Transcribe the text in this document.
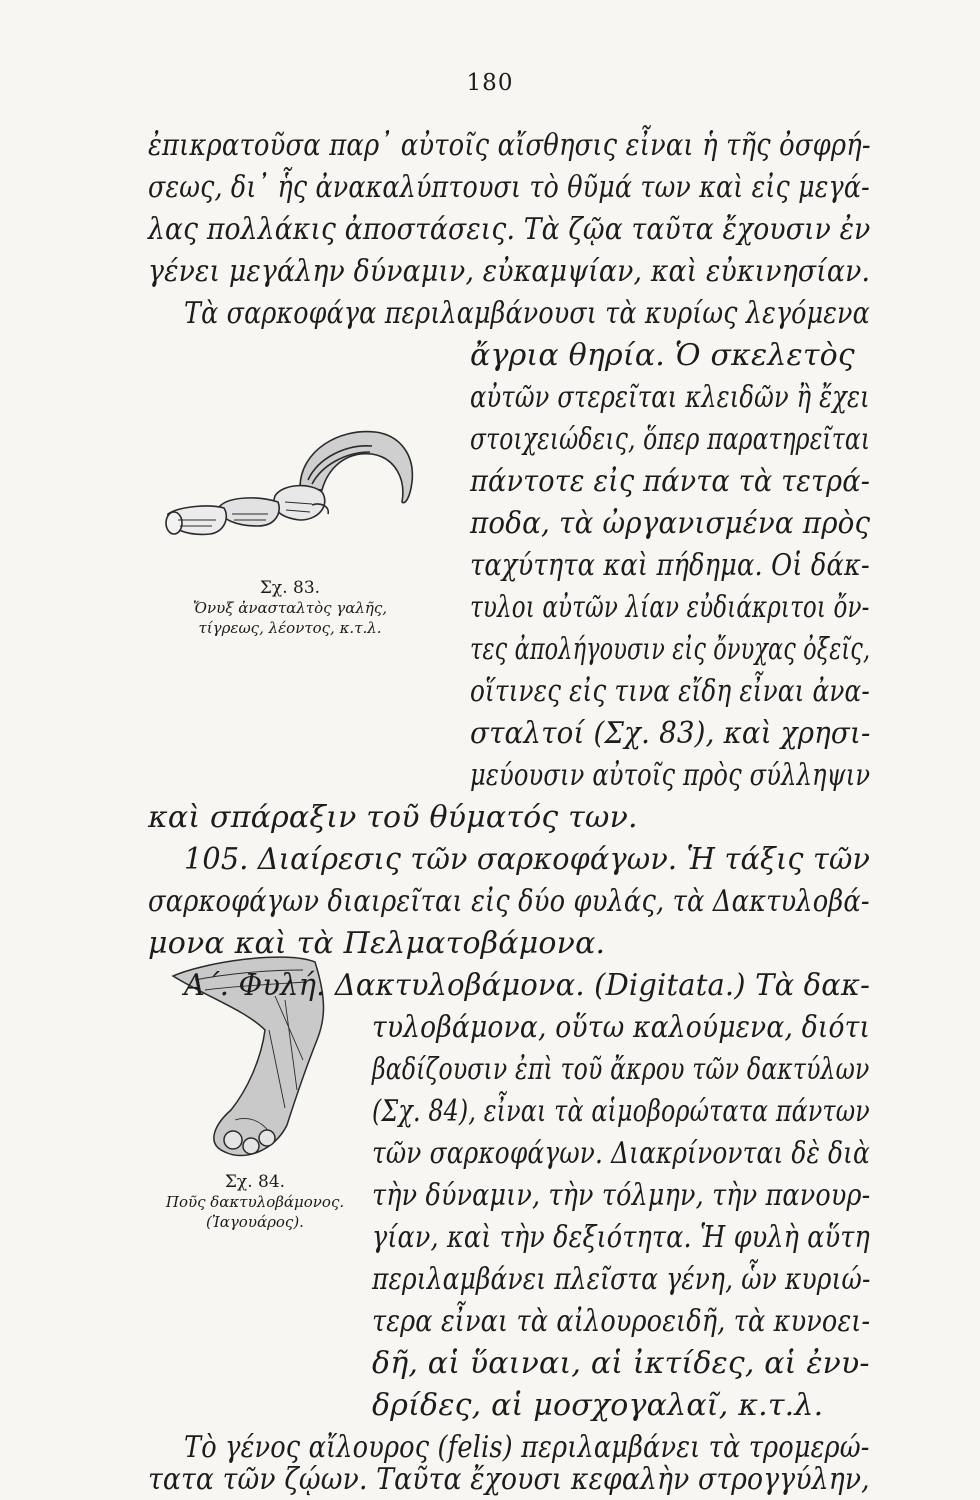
180
Σχ. 83.
Ὄνυξ ἀνασταλτὸς γαλῆς,
τίγρεως, λέοντος, κ.τ.λ.
Σχ. 84.
Ποῦς δακτυλοβάμονος.
(Ἰαγουάρος).
ἐπικρατοῦσα παρ᾽ αὐτοῖς αἴσθησις εἶναι ἡ τῆς ὀσφρή-
σεως, δι᾽ ἧς ἀνακαλύπτουσι τὸ θῦμά των καὶ εἰς μεγά-
λας πολλάκις ἀποστάσεις. Τὰ ζῷα ταῦτα ἔχουσιν ἐν
γένει μεγάλην δύναμιν, εὐκαμψίαν, καὶ εὐκινησίαν.
Τὰ σαρκοφάγα περιλαμβάνουσι τὰ κυρίως λεγόμενα
ἄγρια θηρία. Ὁ σκελετὸς
αὐτῶν στερεῖται κλειδῶν ἢ ἔχει
στοιχειώδεις, ὅπερ παρατηρεῖται
πάντοτε εἰς πάντα τὰ τετρά-
ποδα, τὰ ὠργανισμένα πρὸς
ταχύτητα καὶ πήδημα. Οἱ δάκ-
τυλοι αὐτῶν λίαν εὐδιάκριτοι ὄν-
τες ἀπολήγουσιν εἰς ὄνυχας ὀξεῖς,
οἵτινες εἰς τινα εἴδη εἶναι ἀνα-
σταλτοί (Σχ. 83), καὶ χρησι-
μεύουσιν αὐτοῖς πρὸς σύλληψιν
καὶ σπάραξιν τοῦ θύματός των.
105. Διαίρεσις τῶν σαρκοφάγων. Ἡ τάξις τῶν
σαρκοφάγων διαιρεῖται εἰς δύο φυλάς, τὰ Δακτυλοβά-
μονα καὶ τὰ Πελματοβάμονα.
Α΄. Φυλή. Δακτυλοβάμονα. (Digitata.) Τὰ δακ-
τυλοβάμονα, οὕτω καλούμενα, διότι
βαδίζουσιν ἐπὶ τοῦ ἄκρου τῶν δακτύλων
(Σχ. 84), εἶναι τὰ αἱμοβορώτατα πάντων
τῶν σαρκοφάγων. Διακρίνονται δὲ διὰ
τὴν δύναμιν, τὴν τόλμην, τὴν πανουρ-
γίαν, καὶ τὴν δεξιότητα. Ἡ φυλὴ αὕτη
περιλαμβάνει πλεῖστα γένη, ὧν κυριώ-
τερα εἶναι τὰ αἰλουροειδῆ, τὰ κυνοει-
δῆ, αἱ ὕαιναι, αἱ ἰκτίδες, αἱ ἐνυ-
δρίδες, αἱ μοσχογαλαῖ, κ.τ.λ.
Τὸ γένος αἴλουρος (felis) περιλαμβάνει τὰ τρομερώ-
τατα τῶν ζῴων. Ταῦτα ἔχουσι κεφαλὴν στρογγύλην,
